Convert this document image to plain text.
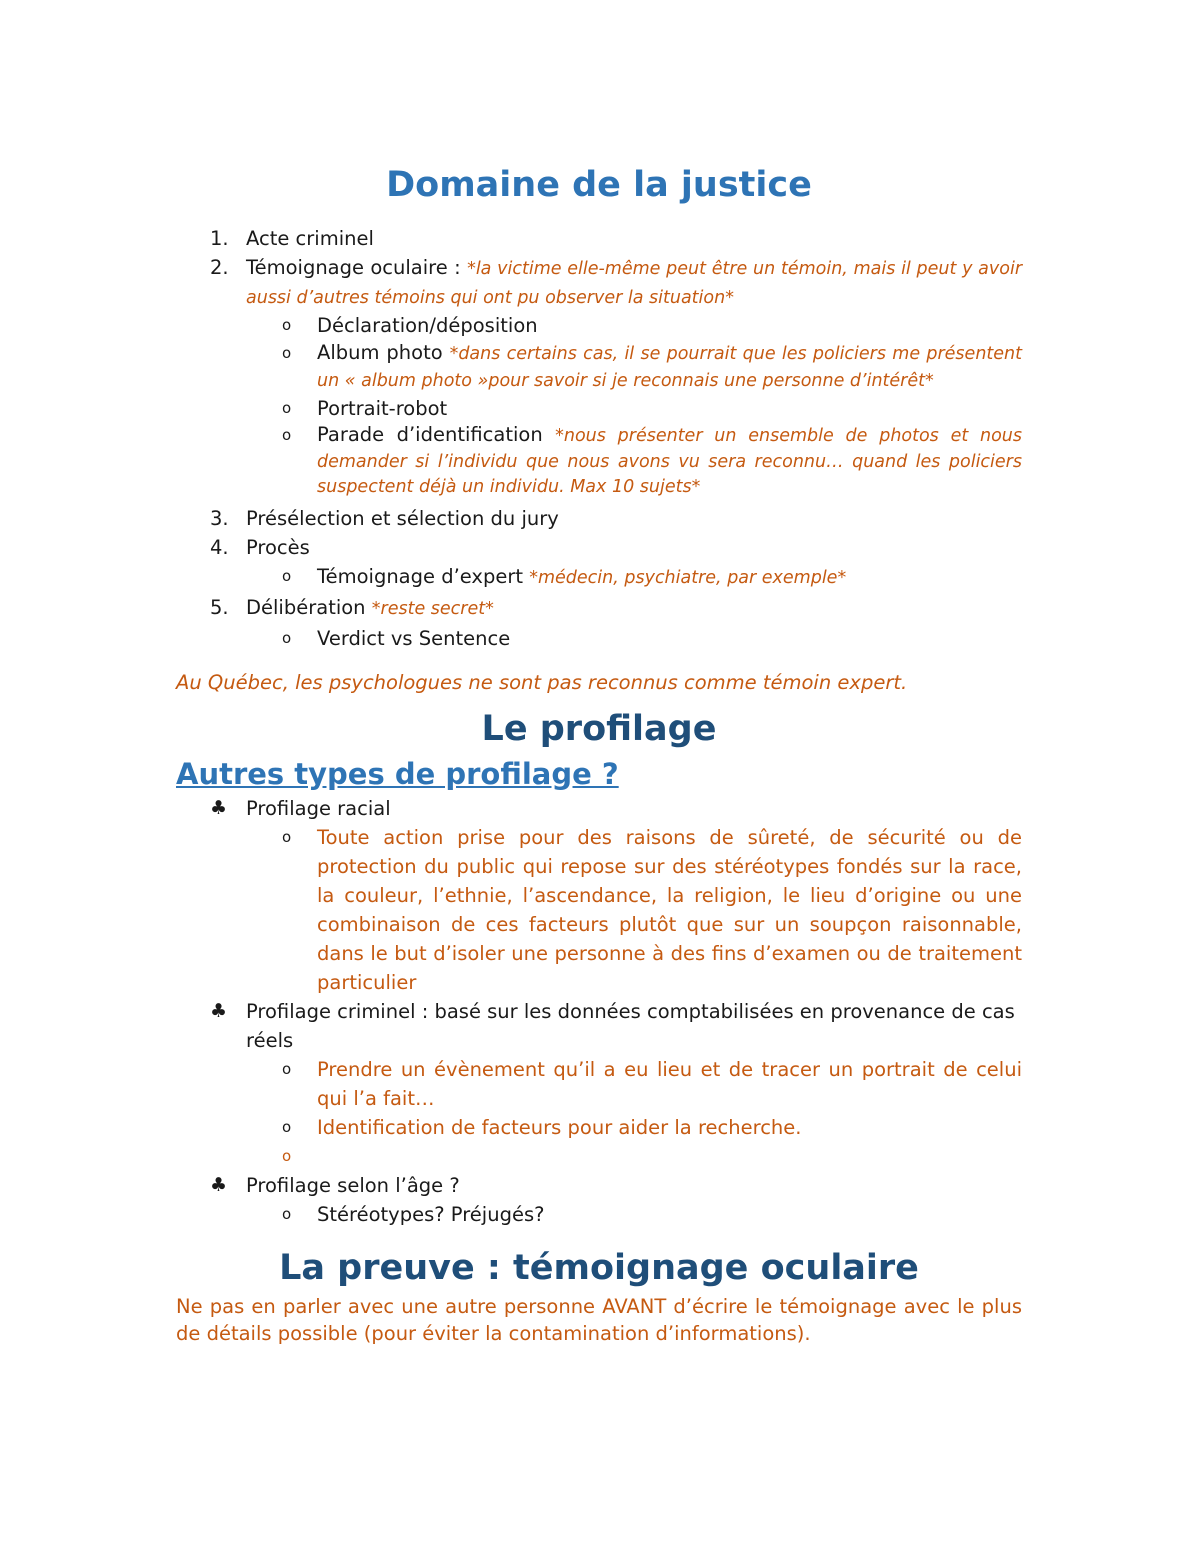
Domaine de la justice
1. Acte criminel
2. Témoignage oculaire : *la victime elle-même peut être un témoin, mais il peut y avoir aussi d’autres témoins qui ont pu observer la situation*
o Déclaration/déposition
o Album photo *dans certains cas, il se pourrait que les policiers me présentent un « album photo »pour savoir si je reconnais une personne d’intérêt*
o Portrait-robot
o Parade d’identification *nous présenter un ensemble de photos et nous demander si l’individu que nous avons vu sera reconnu… quand les policiers suspectent déjà un individu. Max 10 sujets*
3. Présélection et sélection du jury
4. Procès
o Témoignage d’expert *médecin, psychiatre, par exemple*
5. Délibération *reste secret*
o Verdict vs Sentence

Au Québec, les psychologues ne sont pas reconnus comme témoin expert.

Le profilage
Autres types de profilage ?
♣ Profilage racial
o Toute action prise pour des raisons de sûreté, de sécurité ou de protection du public qui repose sur des stéréotypes fondés sur la race, la couleur, l’ethnie, l’ascendance, la religion, le lieu d’origine ou une combinaison de ces facteurs plutôt que sur un soupçon raisonnable, dans le but d’isoler une personne à des fins d’examen ou de traitement particulier
♣ Profilage criminel : basé sur les données comptabilisées en provenance de cas réels
o Prendre un évènement qu’il a eu lieu et de tracer un portrait de celui qui l’a fait…
o Identification de facteurs pour aider la recherche.
o
♣ Profilage selon l’âge ?
o Stéréotypes? Préjugés?
La preuve : témoignage oculaire

Ne pas en parler avec une autre personne AVANT d’écrire le témoignage avec le plus de détails possible (pour éviter la contamination d’informations).
